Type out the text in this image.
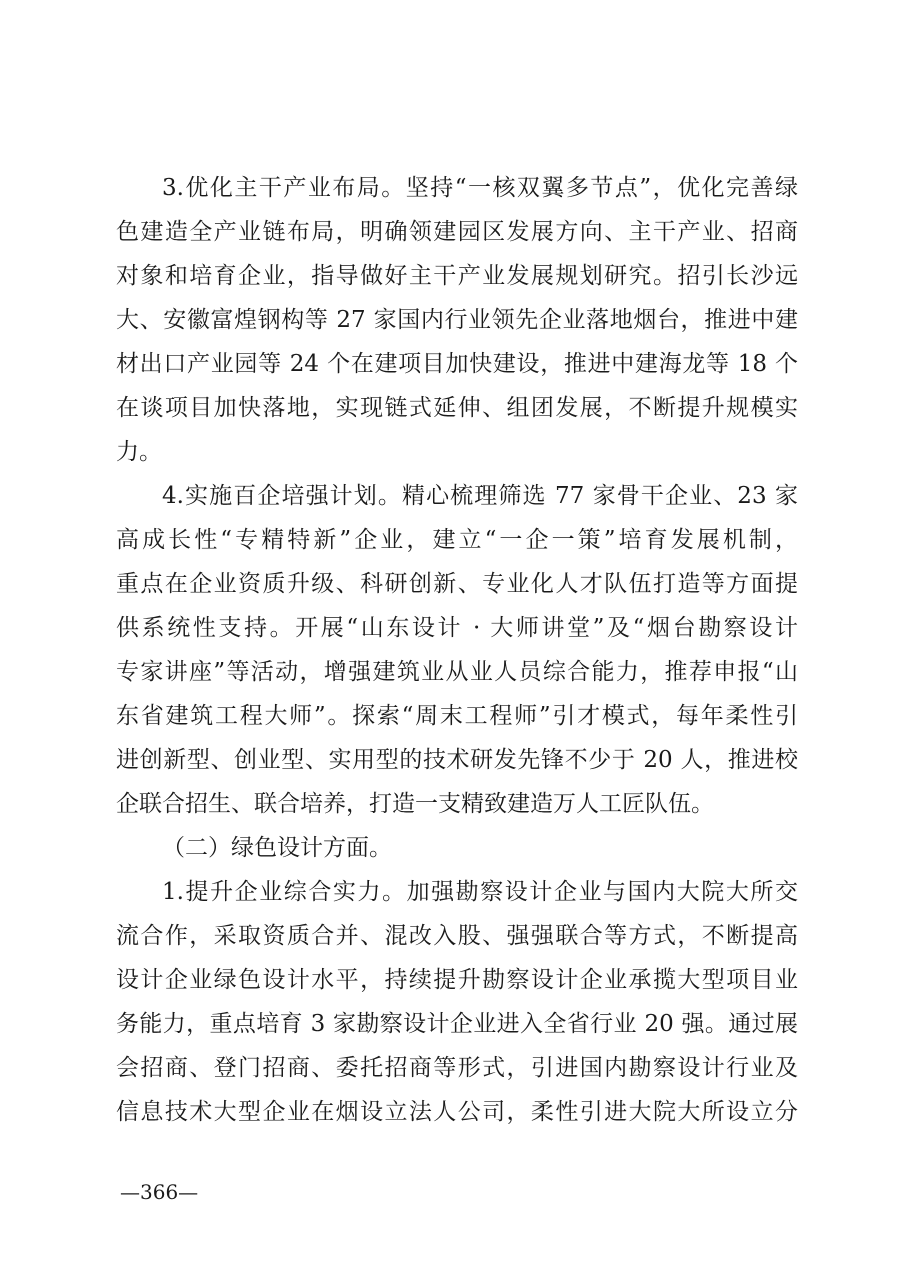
3.优化主干产业布局。坚持“一核双翼多节点”，优化完善绿
色建造全产业链布局，明确领建园区发展方向、主干产业、招商
对象和培育企业，指导做好主干产业发展规划研究。招引长沙远
大、安徽富煌钢构等 27 家国内行业领先企业落地烟台，推进中建
材出口产业园等 24 个在建项目加快建设，推进中建海龙等 18 个
在谈项目加快落地，实现链式延伸、组团发展，不断提升规模实
力。
4.实施百企培强计划。精心梳理筛选 77 家骨干企业、23 家
高成长性“专精特新”企业，建立“一企一策”培育发展机制，
重点在企业资质升级、科研创新、专业化人才队伍打造等方面提
供系统性支持。开展“山东设计 · 大师讲堂”及“烟台勘察设计
专家讲座”等活动，增强建筑业从业人员综合能力，推荐申报“山
东省建筑工程大师”。探索“周末工程师”引才模式，每年柔性引
进创新型、创业型、实用型的技术研发先锋不少于 20 人，推进校
企联合招生、联合培养，打造一支精致建造万人工匠队伍。
（二）绿色设计方面。
1.提升企业综合实力。加强勘察设计企业与国内大院大所交
流合作，采取资质合并、混改入股、强强联合等方式，不断提高
设计企业绿色设计水平，持续提升勘察设计企业承揽大型项目业
务能力，重点培育 3 家勘察设计企业进入全省行业 20 强。通过展
会招商、登门招商、委托招商等形式，引进国内勘察设计行业及
信息技术大型企业在烟设立法人公司，柔性引进大院大所设立分
—366—
